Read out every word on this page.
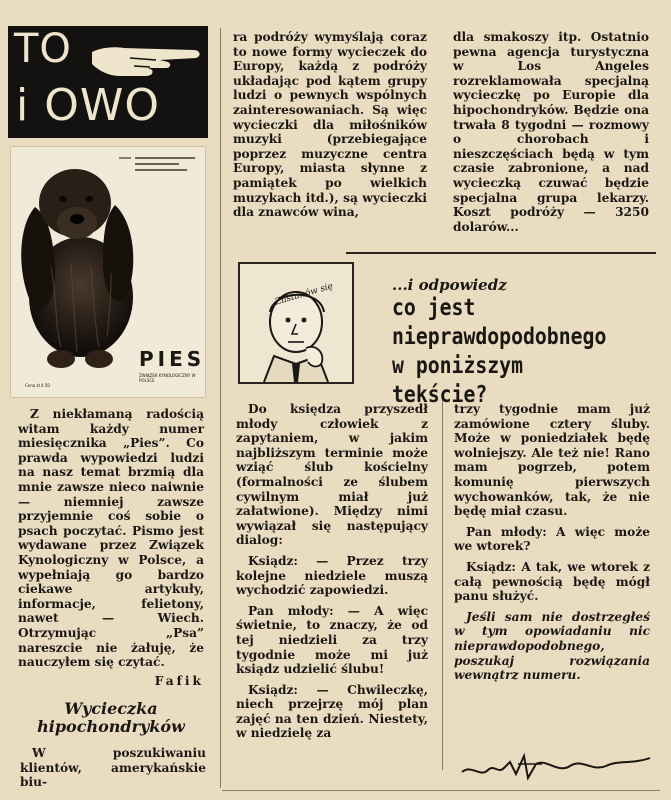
TO
i OWO
PIES
ZWIĄZEK KYNOLOGICZNY W POLSCE
Cena zł 4.50

Z niekłamaną radością witam każdy numer miesięcznika „Pies”. Co prawda wypowiedzi ludzi na nasz temat brzmią dla mnie zawsze nieco naiwnie — niemniej zawsze przyjemnie coś sobie o psach poczytać. Pismo jest wydawane przez Związek Kynologiczny w Polsce, a wypełniają go bardzo ciekawe artykuły, informacje, felietony, nawet — Wiech. Otrzymując „Psa” nareszcie nie żałuję, że nauczyłem się czytać.

Fafik
Wycieczka
hipochondryków

W poszukiwaniu klientów, amerykańskie biu-

ra podróży wymyślają coraz to nowe formy wycieczek do Europy, każdą z podróży układając pod kątem grupy ludzi o pewnych wspólnych zainteresowaniach. Są więc wycieczki dla miłośników muzyki (przebiegające poprzez muzyczne centra Europy, miasta słynne z pamiątek po wielkich muzykach itd.), są wycieczki dla znawców wina,

dla smakoszy itp. Ostatnio pewna agencja turystyczna w Los Angeles rozreklamowała specjalną wycieczkę po Europie dla hipochondryków. Będzie ona trwała 8 tygodni — rozmowy o chorobach i nieszczęściach będą w tym czasie zabronione, a nad wycieczką czuwać będzie specjalna grupa lekarzy. Koszt podróży — 3250 dolarów...

Zastanów się	...i odpowiedz
co jest
nieprawdopodobnego
w poniższym tekście?

Do księdza przyszedł młody człowiek z zapytaniem, w jakim najbliższym terminie może wziąć ślub kościelny (formalności ze ślubem cywilnym miał już załatwione). Między nimi wywiązał się następujący dialog:

Ksiądz: — Przez trzy kolejne niedziele muszą wychodzić zapowiedzi.

Pan młody: — A więc świetnie, to znaczy, że od tej niedzieli za trzy tygodnie może mi już ksiądz udzielić ślubu!

Ksiądz: — Chwileczkę, niech przejrzę mój plan zajęć na ten dzień. Niestety, w niedzielę za

trzy tygodnie mam już zamówione cztery śluby. Może w poniedziałek będę wolniejszy. Ale też nie! Rano mam pogrzeb, potem komunię pierwszych wychowanków, tak, że nie będę miał czasu.

Pan młody: A więc może we wtorek?

Ksiądz: A tak, we wtorek z całą pewnością będę mógł panu służyć.

Jeśli sam nie dostrzegłeś w tym opowiadaniu nic nieprawdopodobnego, poszukaj rozwiązania wewnątrz numeru.
